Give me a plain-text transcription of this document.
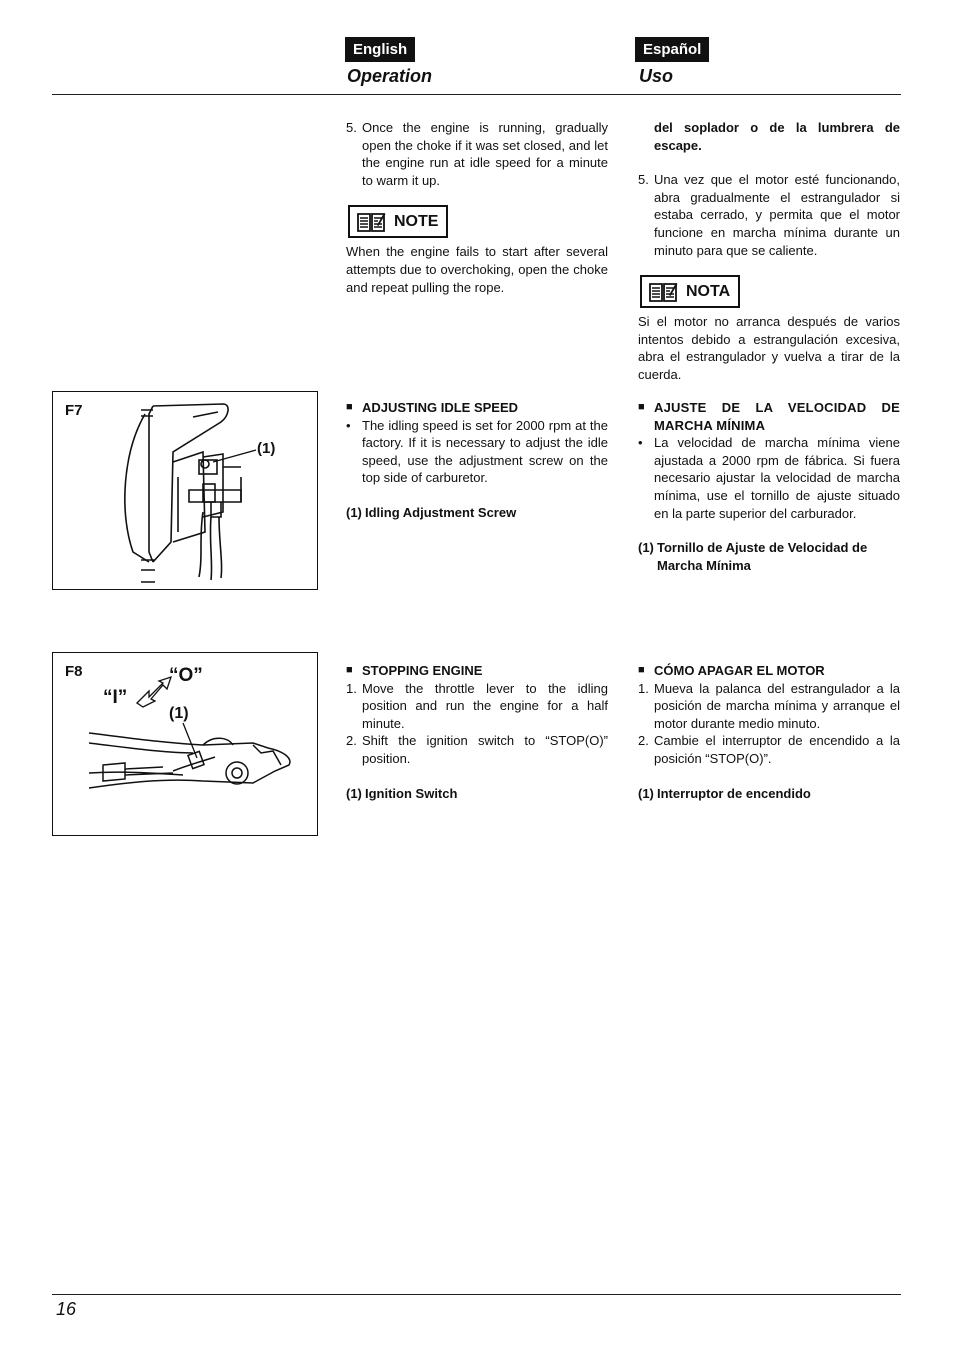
English	Español
Operation	Uso
5. Once the engine is running, gradually open the choke if it was set closed, and let the engine run at idle speed for a minute to warm it up.
NOTE
When the engine fails to start after several attempts due to overchoking, open the choke and repeat pulling the rope.
del soplador o de la lumbrera de escape.
5. Una vez que el motor esté funcionando, abra gradualmente el estrangulador si estaba cerrado, y permita que el motor funcione en marcha mínima durante un minuto para que se caliente.
NOTA
Si el motor no arranca después de varios intentos debido a estrangulación excesiva, abra el estrangulador y vuelva a tirar de la cuerda.
F7
(1)
■ ADJUSTING IDLE SPEED
• The idling speed is set for 2000 rpm at the factory. If it is necessary to adjust the idle speed, use the adjustment screw on the top side of carburetor.
(1) Idling Adjustment Screw
■ AJUSTE DE LA VELOCIDAD DE MARCHA MÍNIMA
• La velocidad de marcha mínima viene ajustada a 2000 rpm de fábrica. Si fuera necesario ajustar la velocidad de marcha mínima, use el tornillo de ajuste situado en la parte superior del carburador.
(1) Tornillo de Ajuste de Velocidad de Marcha Mínima
F8
“I”
“O”
(1)
■ STOPPING ENGINE
1. Move the throttle lever to the idling position and run the engine for a half minute.
2. Shift the ignition switch to “STOP(O)” position.
(1) Ignition Switch
■ CÓMO APAGAR EL MOTOR
1. Mueva la palanca del estrangulador a la posición de marcha mínima y arranque el motor durante medio minuto.
2. Cambie el interruptor de encendido a la posición “STOP(O)”.
(1) Interruptor de encendido
16
